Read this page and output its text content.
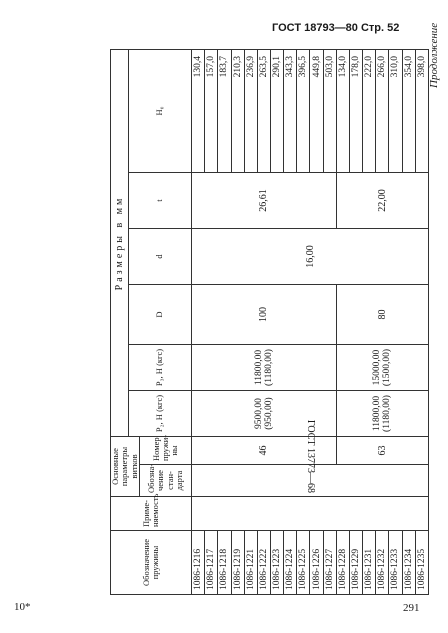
ГОСТ 18793—80 Стр. 52	Продолжение
Обозначение пружины	Приме-няемость	Основные параметры витков		Размеры в мм					
				P₂, Н (кгс)	P₃, Н (кгс)	D	d	t	H₀
		Обозна-чение стан-дарта	Номер пружи-ны						
1086-1216		ГОСТ 13773—68	46	9500,00 (950,00)	11800,00 (1180,00)	100	16,00	26,61	130,4
1086-1217									157,0
1086-1218									183,7
1086-1219									210,3
1086-1221									236,9
1086-1222									263,5
1086-1223									290,1
1086-1224									343,3
1086-1225									396,5
1086-1226									449,8
1086-1227									503,0
1086-1228			63	11800,00 (1180,00)	15000,00 (1500,00)	80		22,00	134,0
1086-1229									178,0
1086-1231									222,0
1086-1232									266,0
1086-1233									310,0
1086-1234									354,0
1086-1235									398,0
10*	291
